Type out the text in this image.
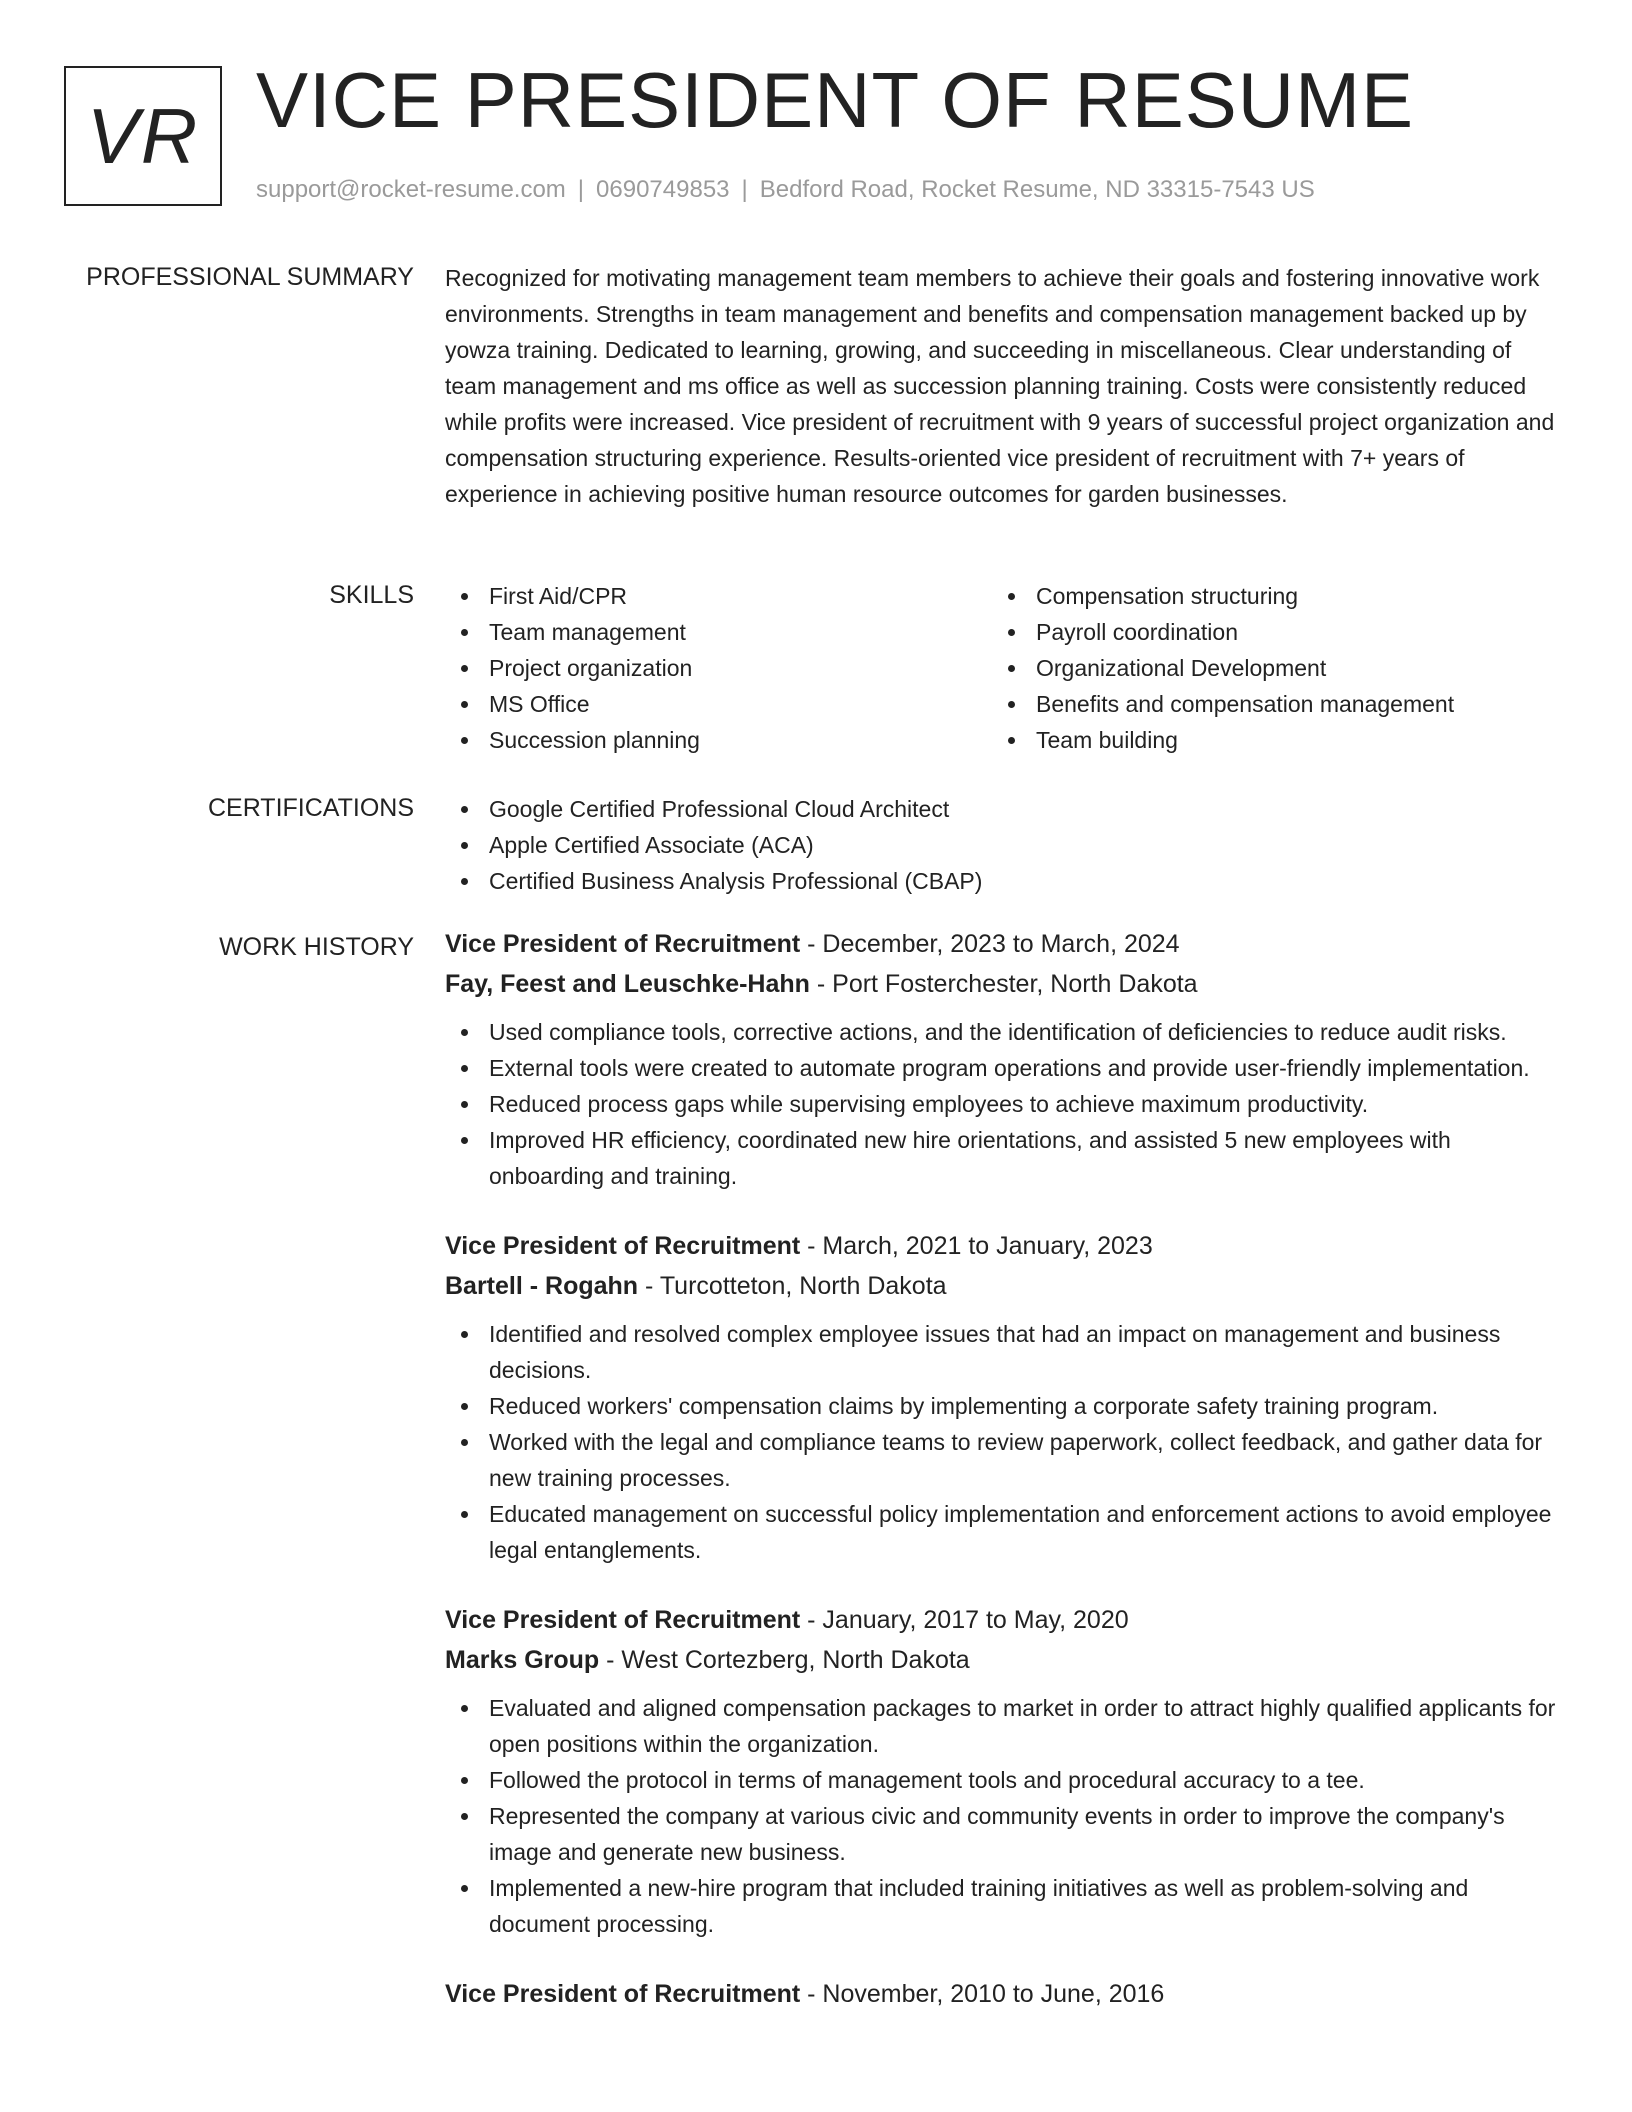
VR VICE PRESIDENT OF RESUME
support@rocket-resume.com | 0690749853 | Bedford Road, Rocket Resume, ND 33315-7543 US
PROFESSIONAL SUMMARY Recognized for motivating management team members to achieve their goals and fostering innovative work environments. Strengths in team management and benefits and compensation management backed up by yowza training. Dedicated to learning, growing, and succeeding in miscellaneous. Clear understanding of team management and ms office as well as succession planning training. Costs were consistently reduced while profits were increased. Vice president of recruitment with 9 years of successful project organization and compensation structuring experience. Results-oriented vice president of recruitment with 7+ years of experience in achieving positive human resource outcomes for garden businesses.

SKILLS	First Aid/CPR
Team management
Project organization
MS Office
Succession planning
Compensation structuring
Payroll coordination
Organizational Development
Benefits and compensation management
Team building
CERTIFICATIONS	Google Certified Professional Cloud Architect
Apple Certified Associate (ACA)
Certified Business Analysis Professional (CBAP)
WORK HISTORY Vice President of Recruitment - December, 2023 to March, 2024
Fay, Feest and Leuschke-Hahn - Port Fosterchester, North Dakota
Used compliance tools, corrective actions, and the identification of deficiencies to reduce audit risks.
External tools were created to automate program operations and provide user-friendly implementation.
Reduced process gaps while supervising employees to achieve maximum productivity.
Improved HR efficiency, coordinated new hire orientations, and assisted 5 new employees with onboarding and training.
Vice President of Recruitment - March, 2021 to January, 2023
Bartell - Rogahn - Turcotteton, North Dakota
Identified and resolved complex employee issues that had an impact on management and business decisions.
Reduced workers' compensation claims by implementing a corporate safety training program.
Worked with the legal and compliance teams to review paperwork, collect feedback, and gather data for new training processes.
Educated management on successful policy implementation and enforcement actions to avoid employee legal entanglements.
Vice President of Recruitment - January, 2017 to May, 2020
Marks Group - West Cortezberg, North Dakota
Evaluated and aligned compensation packages to market in order to attract highly qualified applicants for open positions within the organization.
Followed the protocol in terms of management tools and procedural accuracy to a tee.
Represented the company at various civic and community events in order to improve the company's image and generate new business.
Implemented a new-hire program that included training initiatives as well as problem-solving and document processing.
Vice President of Recruitment - November, 2010 to June, 2016
